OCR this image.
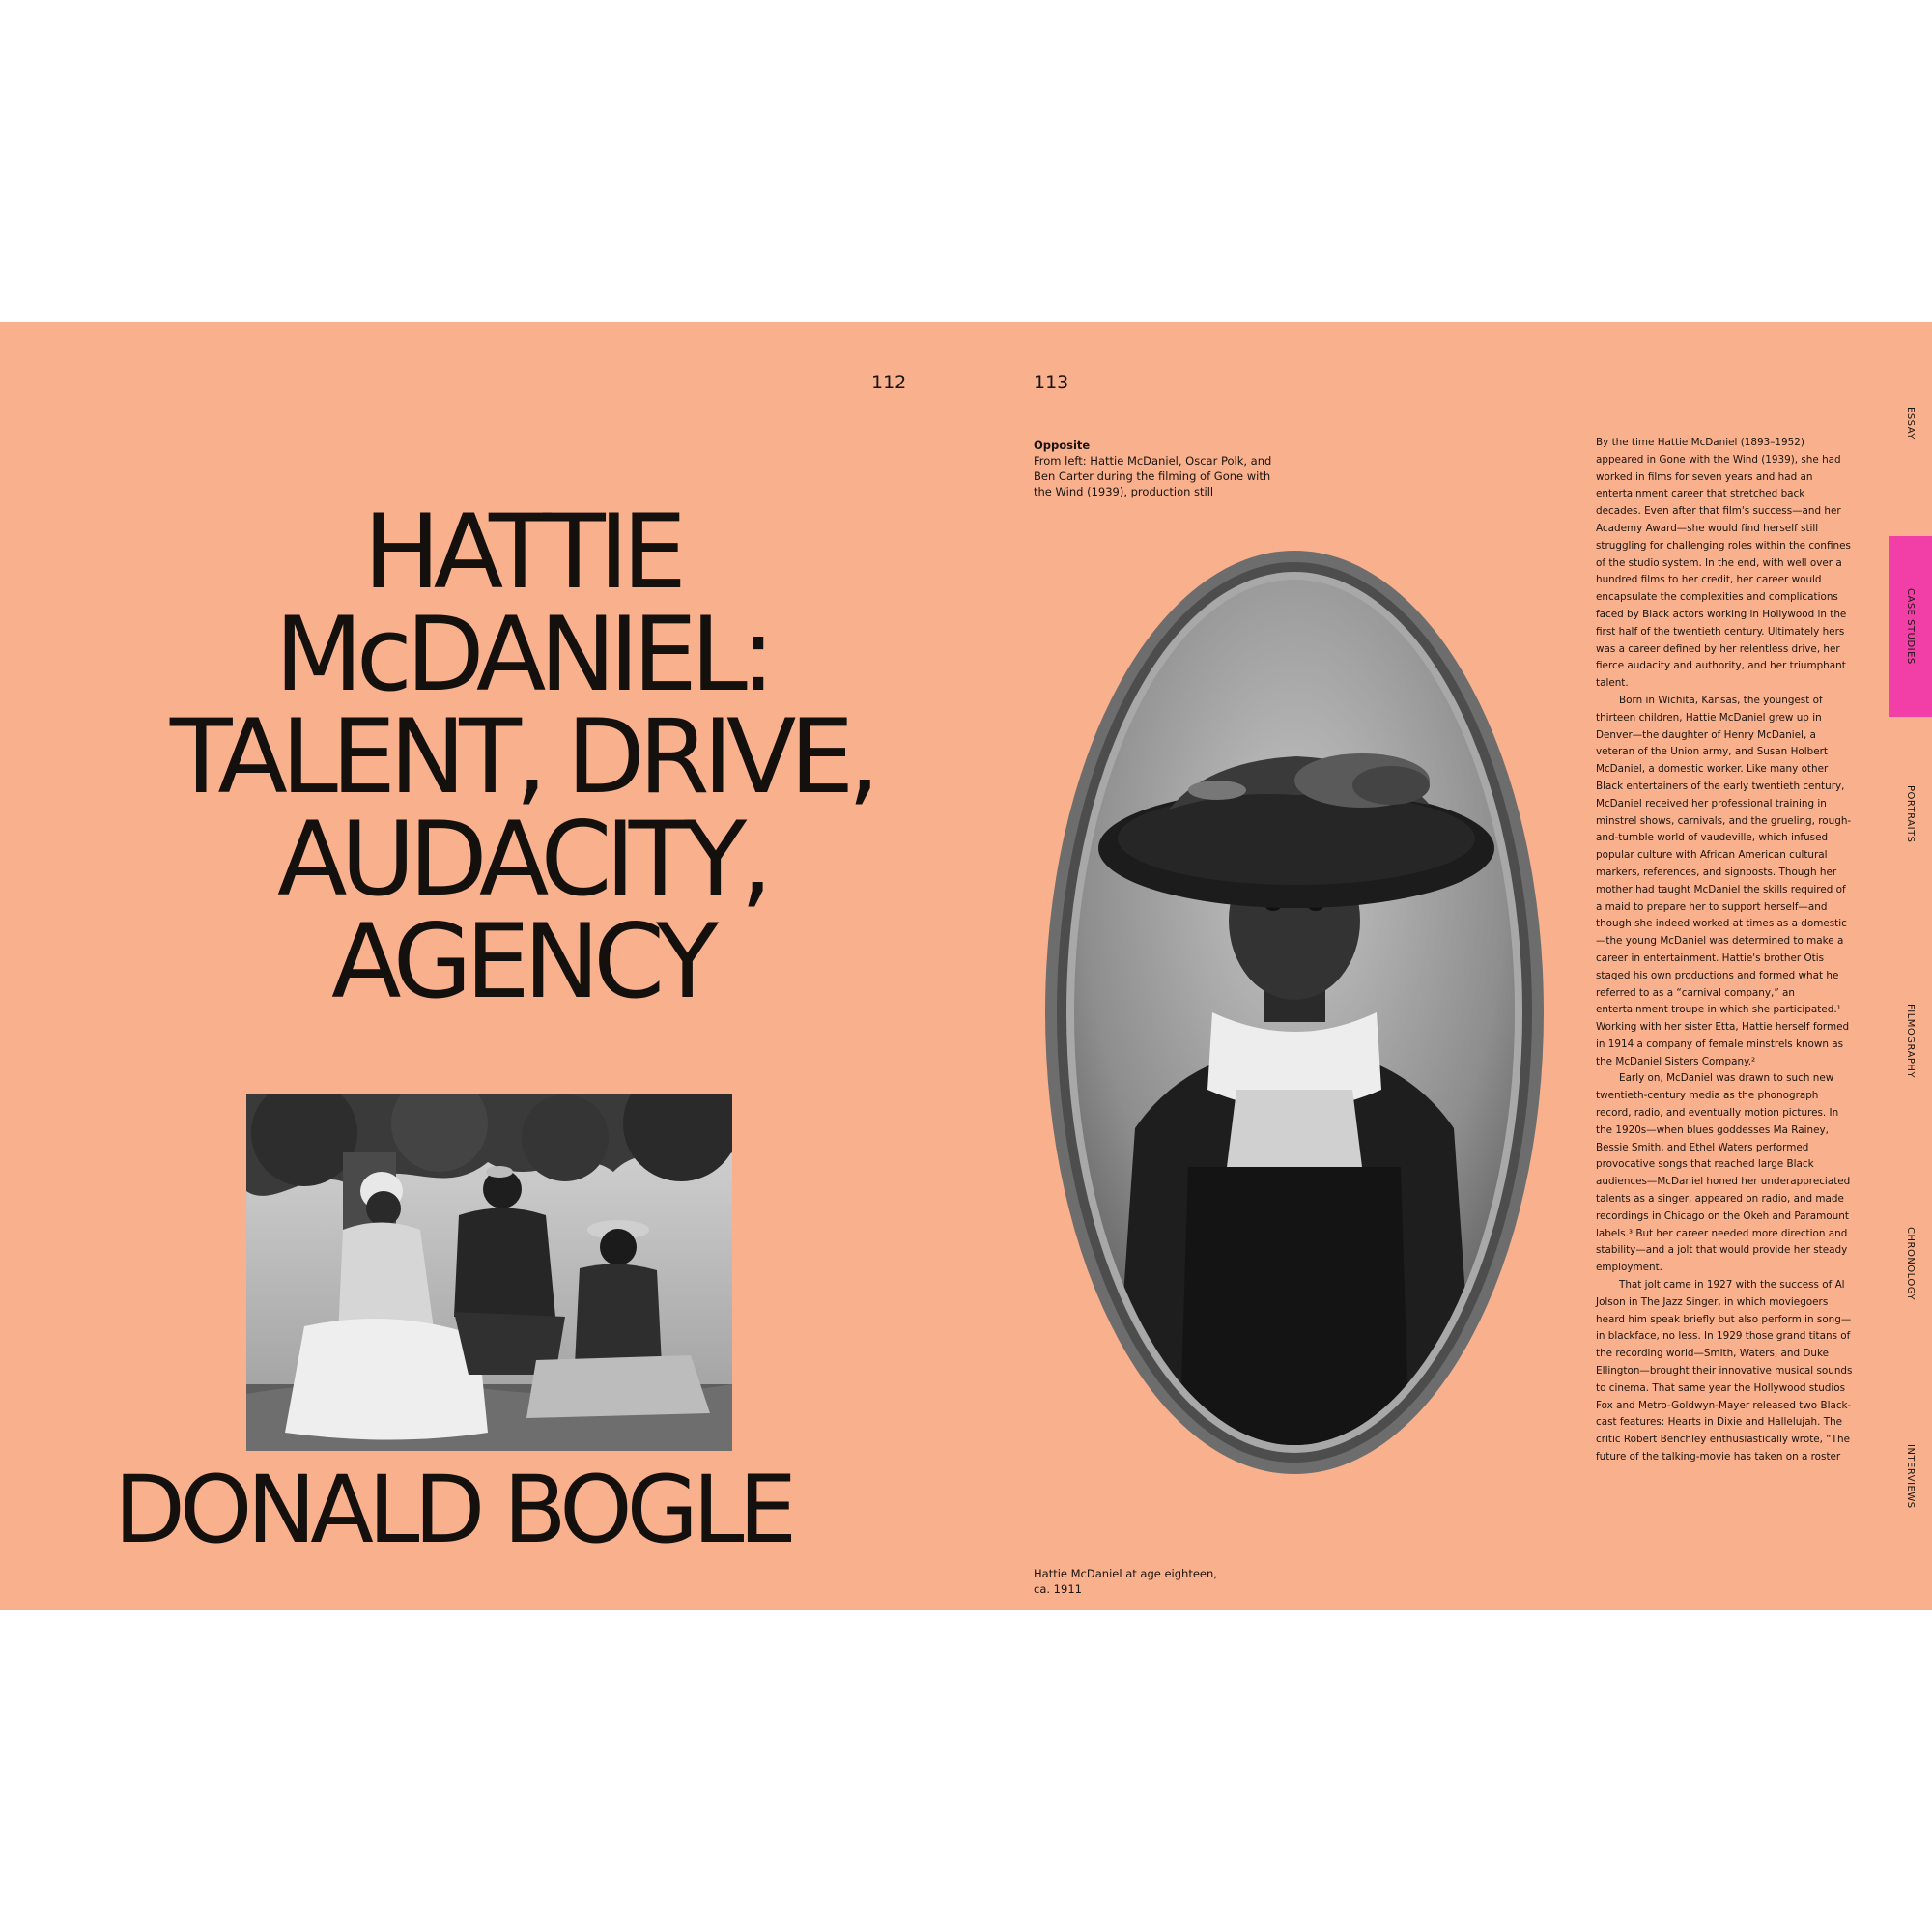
112	113
HATTIE
McDANIEL:
TALENT, DRIVE,
AUDACITY,
AGENCY
DONALD BOGLE
Opposite
From left: Hattie McDaniel, Oscar Polk, and Ben Carter during the filming of Gone with the Wind (1939), production still
Hattie McDaniel at age eighteen, ca. 1911

By the time Hattie McDaniel (1893–1952) appeared in Gone with the Wind (1939), she had worked in films for seven years and had an entertainment career that stretched back decades. Even after that film's success—and her Academy Award—she would find herself still struggling for challenging roles within the confines of the studio system. In the end, with well over a hundred films to her credit, her career would encapsulate the complexities and complications faced by Black actors working in Hollywood in the first half of the twentieth century. Ultimately hers was a career defined by her relentless drive, her fierce audacity and authority, and her triumphant talent.

Born in Wichita, Kansas, the youngest of thirteen children, Hattie McDaniel grew up in Denver—the daughter of Henry McDaniel, a veteran of the Union army, and Susan Holbert McDaniel, a domestic worker. Like many other Black entertainers of the early twentieth century, McDaniel received her professional training in minstrel shows, carnivals, and the grueling, rough-and-tumble world of vaudeville, which infused popular culture with African American cultural markers, references, and signposts. Though her mother had taught McDaniel the skills required of a maid to prepare her to support herself—and though she indeed worked at times as a domestic—the young McDaniel was determined to make a career in entertainment. Hattie's brother Otis staged his own productions and formed what he referred to as a “carnival company,” an entertainment troupe in which she participated.¹ Working with her sister Etta, Hattie herself formed in 1914 a company of female minstrels known as the McDaniel Sisters Company.²

Early on, McDaniel was drawn to such new twentieth-century media as the phonograph record, radio, and eventually motion pictures. In the 1920s—when blues goddesses Ma Rainey, Bessie Smith, and Ethel Waters performed provocative songs that reached large Black audiences—McDaniel honed her underappreciated talents as a singer, appeared on radio, and made recordings in Chicago on the Okeh and Paramount labels.³ But her career needed more direction and stability—and a jolt that would provide her steady employment.

That jolt came in 1927 with the success of Al Jolson in The Jazz Singer, in which moviegoers heard him speak briefly but also perform in song—in blackface, no less. In 1929 those grand titans of the recording world—Smith, Waters, and Duke Ellington—brought their innovative musical sounds to cinema. That same year the Hollywood studios Fox and Metro-Goldwyn-Mayer released two Black-cast features: Hearts in Dixie and Hallelujah. The critic Robert Benchley enthusiastically wrote, “The future of the talking-movie has taken on a roster

ESSAY
CASE STUDIES
PORTRAITS
FILMOGRAPHY
CHRONOLOGY
INTERVIEWS
